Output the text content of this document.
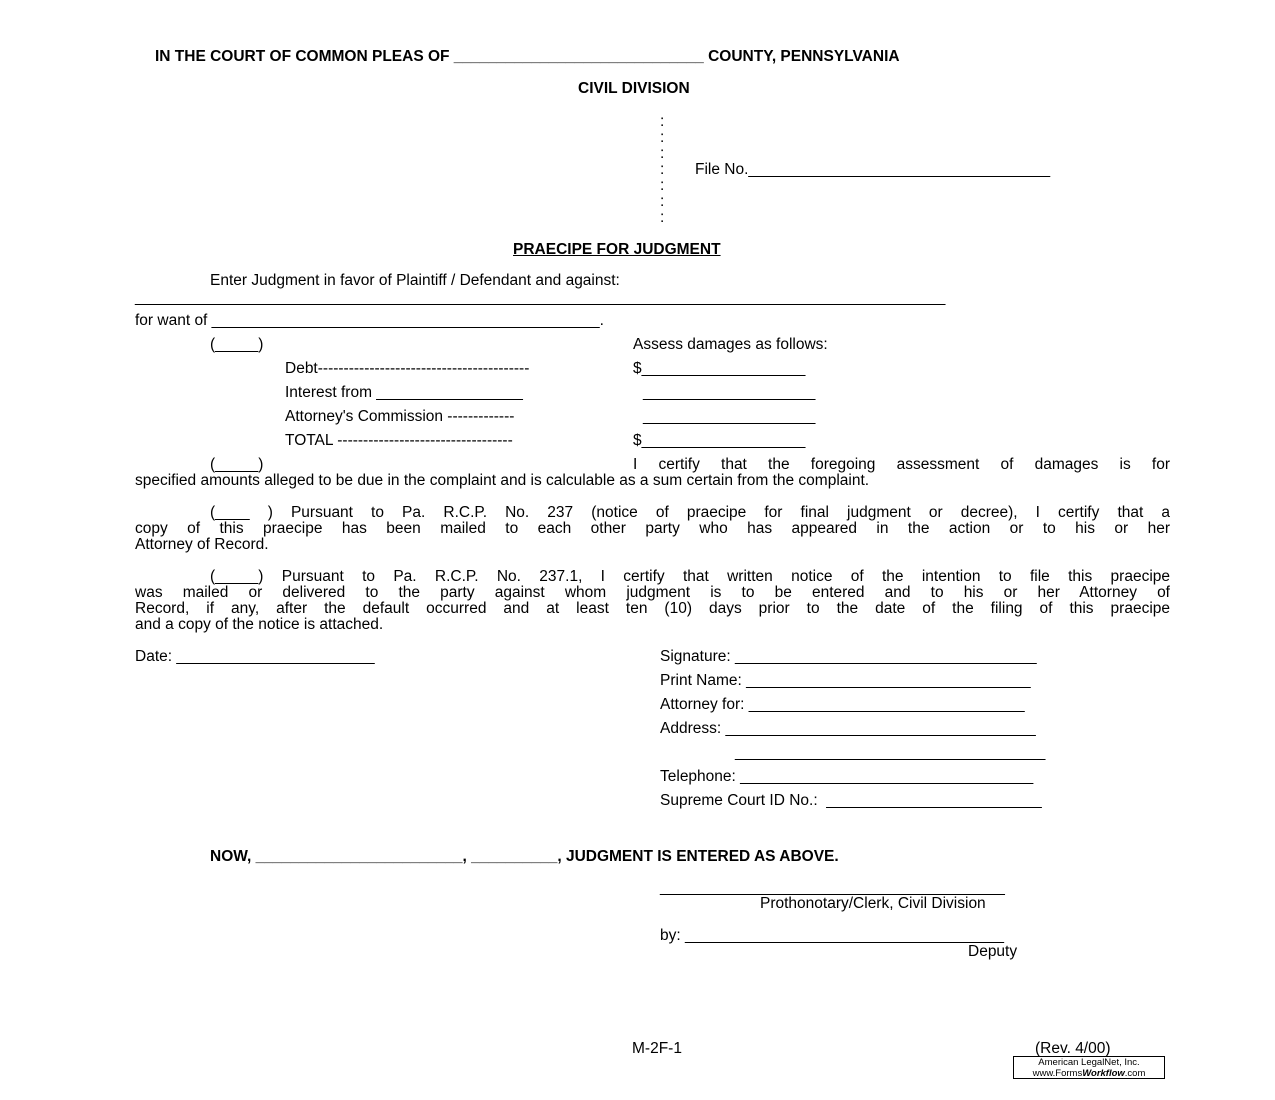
IN THE COURT OF COMMON PLEAS OF _____________________________ COUNTY, PENNSYLVANIA
CIVIL DIVISION
:
:
:
:
:
:
:
File No.___________________________________
PRAECIPE FOR JUDGMENT
Enter Judgment in favor of Plaintiff / Defendant and against:
______________________________________________________________________________________________
for want of _____________________________________________.
(_____)	Assess damages as follows:
Debt-----------------------------------------	$___________________
Interest from _________________	____________________
Attorney's Commission -------------	____________________
TOTAL ----------------------------------	$___________________
(_____)	I certify that the foregoing assessment of damages is for
specified amounts alleged to be due in the complaint and is calculable as a sum certain from the complaint.
(____ ) Pursuant to Pa. R.C.P. No. 237 (notice of praecipe for final judgment or decree), I certify that a
copy of this praecipe has been mailed to each other party who has appeared in the action or to his or her
Attorney of Record.
(_____) Pursuant to Pa. R.C.P. No. 237.1, I certify that written notice of the intention to file this praecipe
was mailed or delivered to the party against whom judgment is to be entered and to his or her Attorney of
Record, if any, after the default occurred and at least ten (10) days prior to the date of the filing of this praecipe
and a copy of the notice is attached.
Date: _______________________	Signature: ___________________________________
Print Name: _________________________________
Attorney for: ________________________________
Address: ____________________________________
____________________________________
Telephone: __________________________________
Supreme Court ID No.:  _________________________
NOW, ________________________, __________, JUDGMENT IS ENTERED AS ABOVE.
________________________________________
Prothonotary/Clerk, Civil Division
by: _____________________________________
Deputy
M-2F-1	(Rev. 4/00)
American LegalNet, Inc.
www.FormsWorkflow.com
